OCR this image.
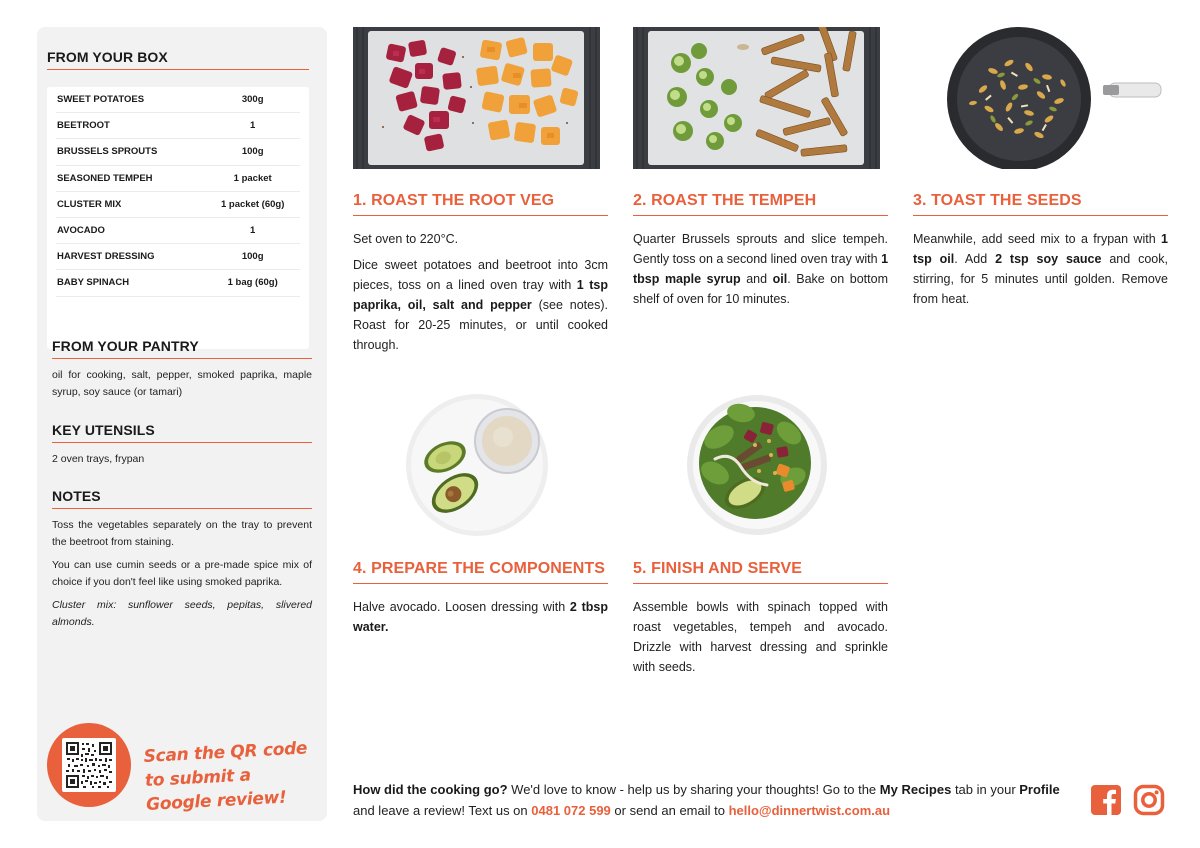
FROM YOUR BOX
SWEET POTATOES	300g
BEETROOT	1
BRUSSELS SPROUTS	100g
SEASONED TEMPEH	1 packet
CLUSTER MIX	1 packet (60g)
AVOCADO	1
HARVEST DRESSING	100g
BABY SPINACH	1 bag (60g)
FROM YOUR PANTRY

oil for cooking, salt, pepper, smoked paprika, maple syrup, soy sauce (or tamari)

KEY UTENSILS

2 oven trays, frypan

NOTES

Toss the vegetables separately on the tray to prevent the beetroot from staining.

You can use cumin seeds or a pre-made spice mix of choice if you don't feel like using smoked paprika.

Cluster mix: sunflower seeds, pepitas, slivered almonds.

Scan the QR code to submit a Google review!
1. ROAST THE ROOT VEG

Set oven to 220°C.

Dice sweet potatoes and beetroot into 3cm pieces, toss on a lined oven tray with 1 tsp paprika, oil, salt and pepper (see notes). Roast for 20-25 minutes, or until cooked through.

2. ROAST THE TEMPEH

Quarter Brussels sprouts and slice tempeh. Gently toss on a second lined oven tray with 1 tbsp maple syrup and oil. Bake on bottom shelf of oven for 10 minutes.

3. TOAST THE SEEDS

Meanwhile, add seed mix to a frypan with 1 tsp oil. Add 2 tsp soy sauce and cook, stirring, for 5 minutes until golden. Remove from heat.

4. PREPARE THE COMPONENTS

Halve avocado. Loosen dressing with 2 tbsp water.

5. FINISH AND SERVE

Assemble bowls with spinach topped with roast vegetables, tempeh and avocado. Drizzle with harvest dressing and sprinkle with seeds.

How did the cooking go? We'd love to know - help us by sharing your thoughts! Go to the My Recipes tab in your Profile and leave a review! Text us on 0481 072 599 or send an email to hello@dinnertwist.com.au
